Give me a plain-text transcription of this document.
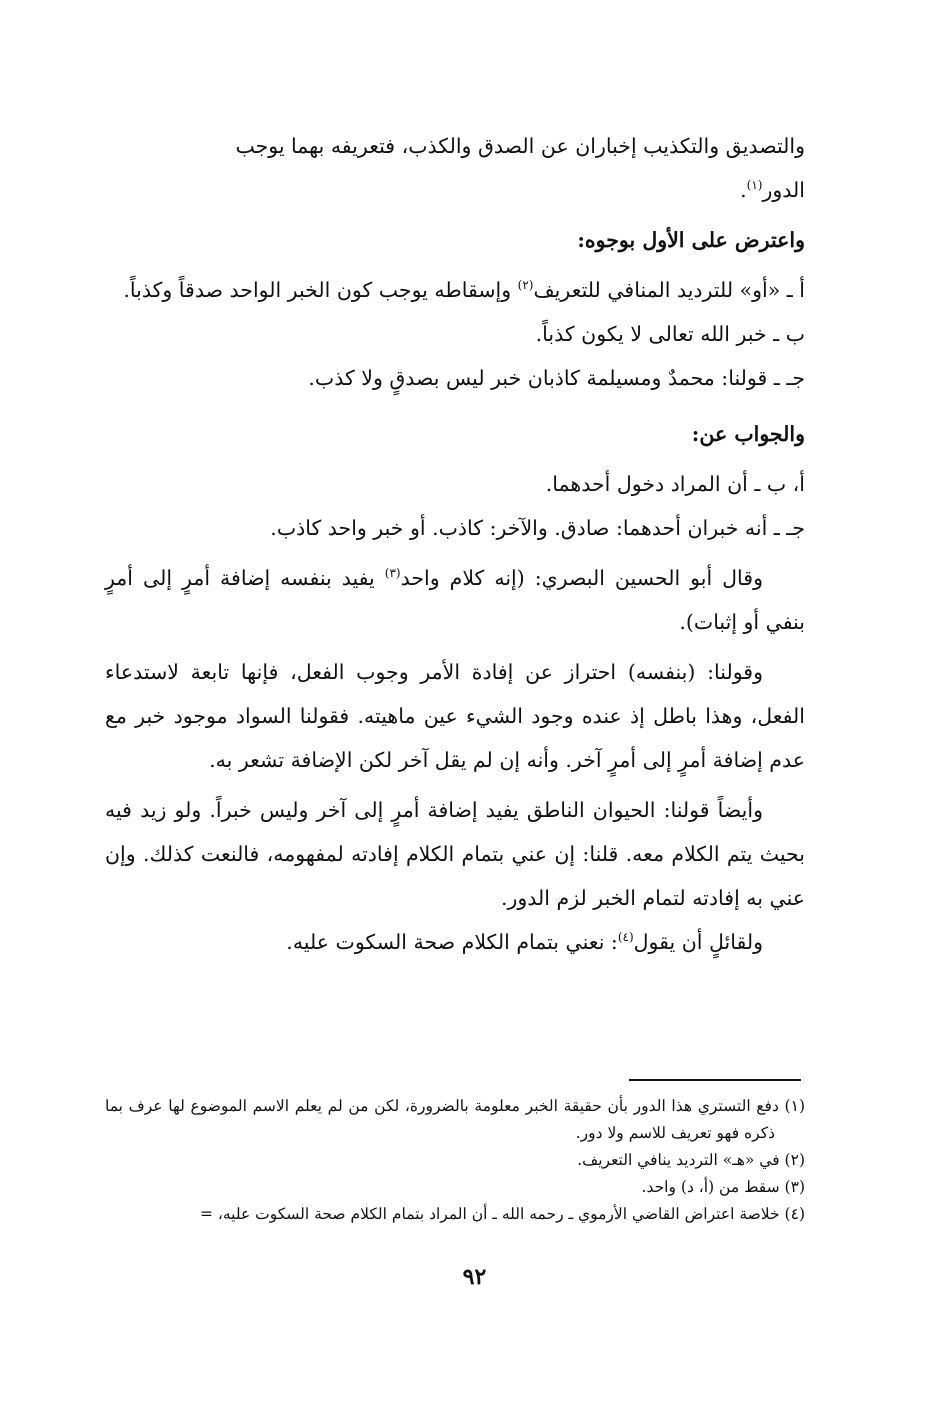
والتصديق والتكذيب إخباران عن الصدق والكذب، فتعريفه بهما يوجب
الدور$^{(١)}$.

واعترض على الأول بوجوه:

أ ـ «أو» للترديد المنافي للتعريف$^{(٢)}$ وإسقاطه يوجب كون الخبر الواحد صدقاً وكذباً.

ب ـ خبر الله تعالى لا يكون كذباً.

جـ ـ قولنا: محمدٌ ومسيلمة كاذبان خبر ليس بصدقٍ ولا كذب.

والجواب عن:

أ، ب ـ أن المراد دخول أحدهما.

جـ ـ أنه خبران أحدهما: صادق. والآخر: كاذب. أو خبر واحد كاذب.

وقال أبو الحسين البصري: (إنه كلام واحد$^{(٣)}$ يفيد بنفسه إضافة أمرٍ إلى أمرٍ بنفي أو إثبات).

وقولنا: (بنفسه) احتراز عن إفادة الأمر وجوب الفعل، فإنها تابعة لاستدعاء الفعل، وهذا باطل إذ عنده وجود الشيء عين ماهيته. فقولنا السواد موجود خبر مع عدم إضافة أمرٍ إلى أمرٍ آخر. وأنه إن لم يقل آخر لكن الإضافة تشعر به.

وأيضاً قولنا: الحيوان الناطق يفيد إضافة أمرٍ إلى آخر وليس خبراً. ولو زيد فيه بحيث يتم الكلام معه. قلنا: إن عني بتمام الكلام إفادته لمفهومه، فالنعت كذلك. وإن عني به إفادته لتمام الخبر لزم الدور.

ولقائلٍ أن يقول$^{(٤)}$: نعني بتمام الكلام صحة السكوت عليه.

(١) دفع التستري هذا الدور بأن حقيقة الخبر معلومة بالضرورة، لكن من لم يعلم الاسم الموضوع لها عرف بما ذكره فهو تعريف للاسم ولا دور.

(٢) في «هـ» الترديد ينافي التعريف.

(٣) سقط من (أ، د) واحد.

(٤) خلاصة اعتراض القاضي الأرموي ـ رحمه الله ـ أن المراد بتمام الكلام صحة السكوت عليه، =

٩٢
